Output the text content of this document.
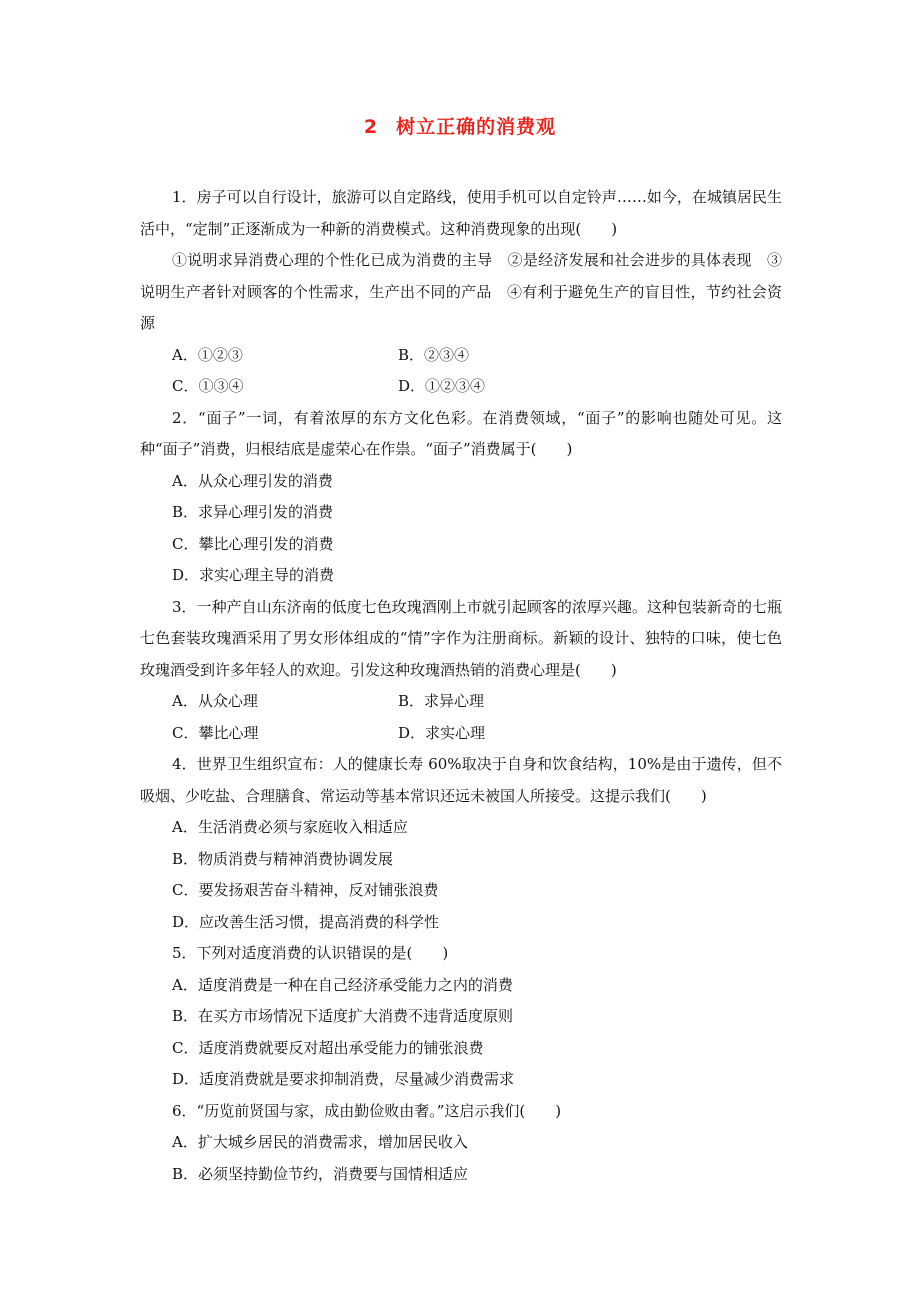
2 树立正确的消费观

1．房子可以自行设计，旅游可以自定路线，使用手机可以自定铃声……如今，在城镇居民生活中，“定制”正逐渐成为一种新的消费模式。这种消费现象的出现(　　)

①说明求异消费心理的个性化已成为消费的主导　②是经济发展和社会进步的具体表现　③说明生产者针对顾客的个性需求，生产出不同的产品　④有利于避免生产的盲目性，节约社会资源

A．①②③	B．②③④
C．①③④	D．①②③④

2．“面子”一词，有着浓厚的东方文化色彩。在消费领域，“面子”的影响也随处可见。这种“面子”消费，归根结底是虚荣心在作祟。“面子”消费属于(　　)

A．从众心理引发的消费

B．求异心理引发的消费

C．攀比心理引发的消费

D．求实心理主导的消费

3．一种产自山东济南的低度七色玫瑰酒刚上市就引起顾客的浓厚兴趣。这种包装新奇的七瓶七色套装玫瑰酒采用了男女形体组成的“情”字作为注册商标。新颖的设计、独特的口味，使七色玫瑰酒受到许多年轻人的欢迎。引发这种玫瑰酒热销的消费心理是(　　)

A．从众心理	B．求异心理
C．攀比心理	D．求实心理

4．世界卫生组织宣布：人的健康长寿 60%取决于自身和饮食结构，10%是由于遗传，但不吸烟、少吃盐、合理膳食、常运动等基本常识还远未被国人所接受。这提示我们(　　)

A．生活消费必须与家庭收入相适应

B．物质消费与精神消费协调发展

C．要发扬艰苦奋斗精神，反对铺张浪费

D．应改善生活习惯，提高消费的科学性

5．下列对适度消费的认识错误的是(　　)

A．适度消费是一种在自己经济承受能力之内的消费

B．在买方市场情况下适度扩大消费不违背适度原则

C．适度消费就要反对超出承受能力的铺张浪费

D．适度消费就是要求抑制消费，尽量减少消费需求

6．“历览前贤国与家，成由勤俭败由奢。”这启示我们(　　)

A．扩大城乡居民的消费需求，增加居民收入

B．必须坚持勤俭节约，消费要与国情相适应
